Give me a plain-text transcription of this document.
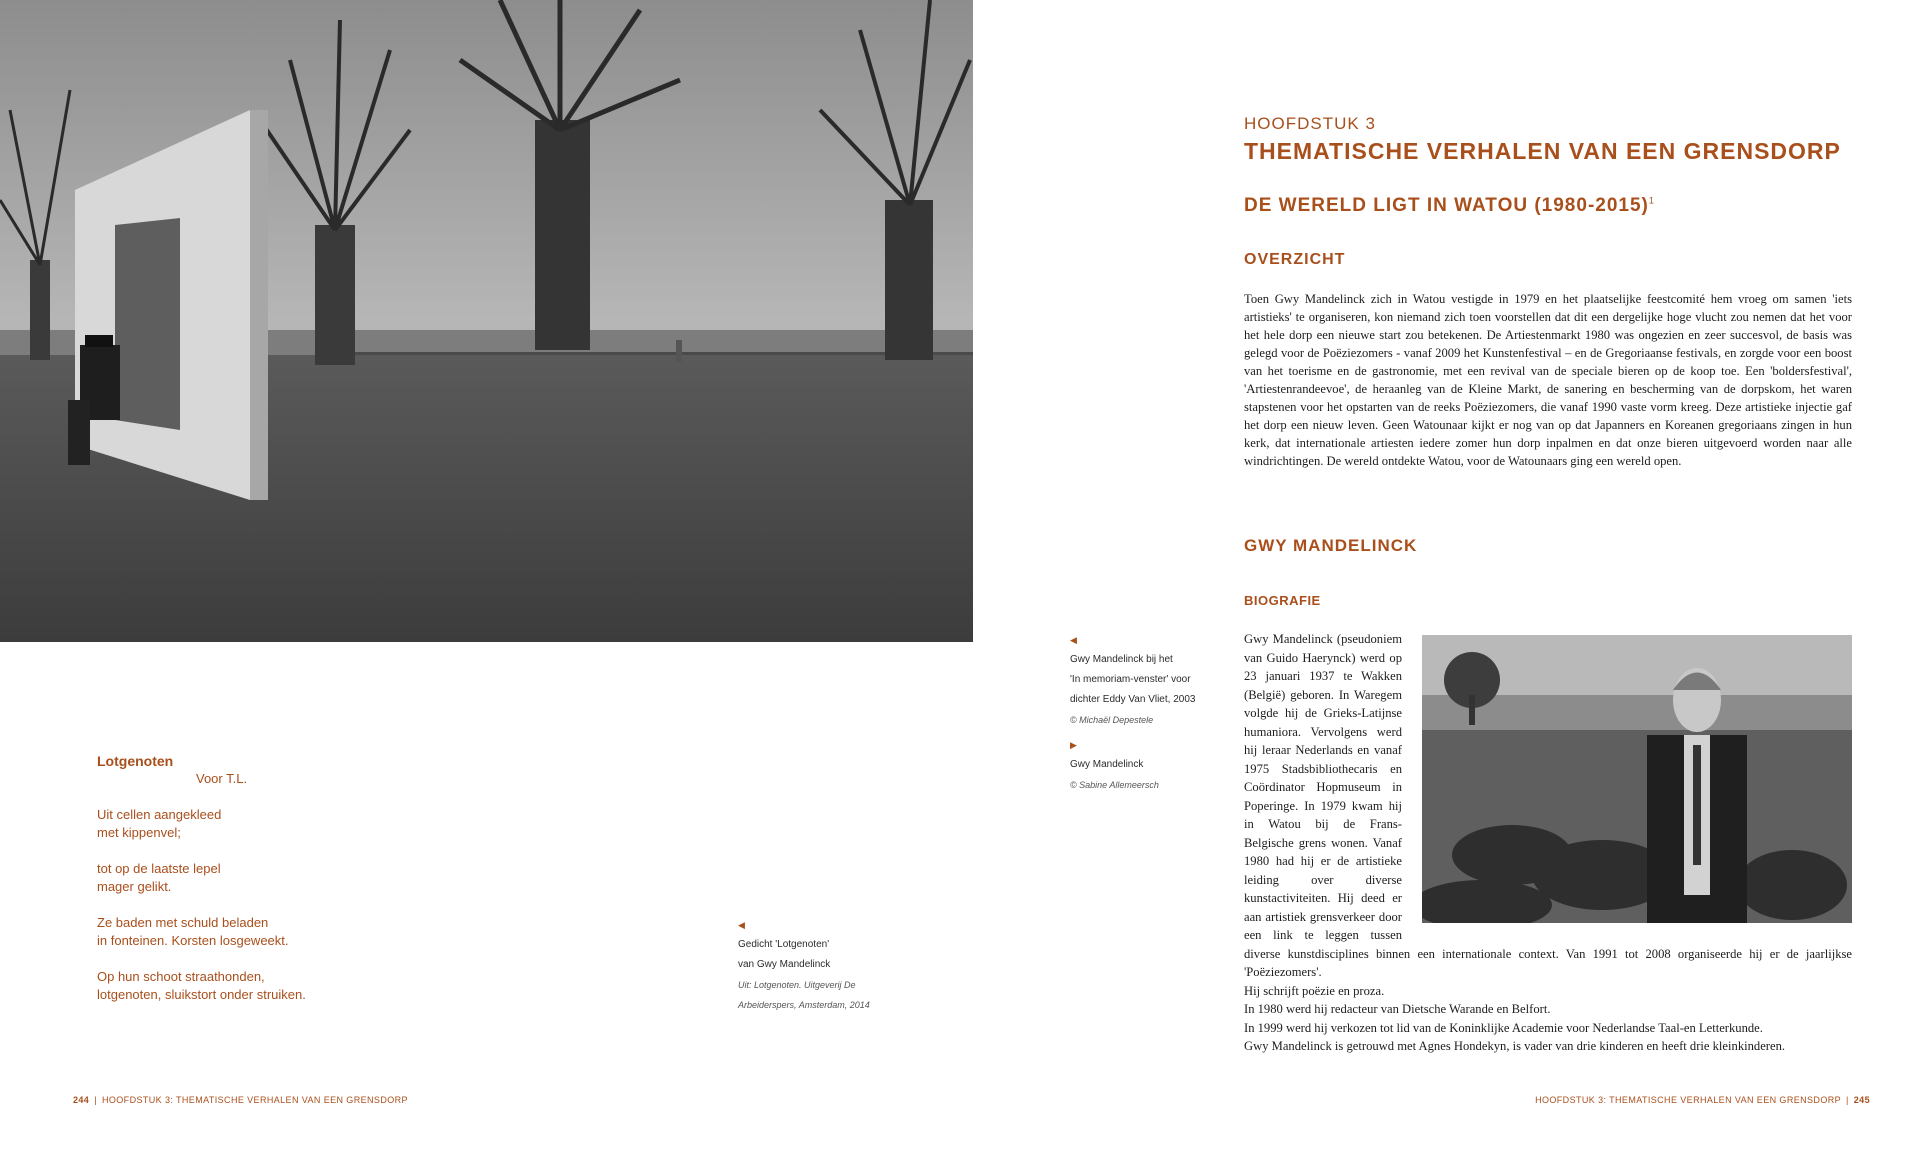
Lotgenoten
Voor T.L.
Uit cellen aangekleed
met kippenvel;
tot op de laatste lepel
mager gelikt.
Ze baden met schuld beladen
in fonteinen. Korsten losgeweekt.
Op hun schoot straathonden,
lotgenoten, sluikstort onder struiken.
◀
Gedicht 'Lotgenoten'
van Gwy Mandelinck
Uit: Lotgenoten. Uitgeverij De
Arbeiderspers, Amsterdam, 2014
244 | HOOFDSTUK 3: THEMATISCHE VERHALEN VAN EEN GRENSDORP
◀
Gwy Mandelinck bij het
'In memoriam-venster' voor
dichter Eddy Van Vliet, 2003
© Michaël Depestele
▶
Gwy Mandelinck
© Sabine Allemeersch
HOOFDSTUK 3
THEMATISCHE VERHALEN VAN EEN GRENSDORP
DE WERELD LIGT IN WATOU (1980-2015)$^1$
OVERZICHT
Toen Gwy Mandelinck zich in Watou vestigde in 1979 en het plaatselijke feestcomité hem vroeg om samen 'iets artistieks' te organiseren, kon niemand zich toen voorstellen dat dit een dergelijke hoge vlucht zou nemen dat het voor het hele dorp een nieuwe start zou betekenen. De Artiestenmarkt 1980 was ongezien en zeer succesvol, de basis was gelegd voor de Poëziezomers - vanaf 2009 het Kunstenfestival – en de Gregoriaanse festivals, en zorgde voor een boost van het toerisme en de gastronomie, met een revival van de speciale bieren op de koop toe. Een 'boldersfestival', 'Artiestenrandeevoe', de heraanleg van de Kleine Markt, de sanering en bescherming van de dorpskom, het waren stapstenen voor het opstarten van de reeks Poëziezomers, die vanaf 1990 vaste vorm kreeg. Deze artistieke injectie gaf het dorp een nieuw leven. Geen Watounaar kijkt er nog van op dat Japanners en Koreanen gregoriaans zingen in hun kerk, dat internationale artiesten iedere zomer hun dorp inpalmen en dat onze bieren uitgevoerd worden naar alle windrichtingen. De wereld ontdekte Watou, voor de Watounaars ging een wereld open.
GWY MANDELINCK
BIOGRAFIE
Gwy Mandelinck (pseudoniem van Guido Haerynck) werd op 23 januari 1937 te Wakken (België) geboren. In Waregem volgde hij de Grieks-Latijnse humaniora. Vervolgens werd hij leraar Nederlands en vanaf 1975 Stadsbibliothecaris en Coördinator Hopmuseum in Poperinge. In 1979 kwam hij in Watou bij de Frans-Belgische grens wonen. Vanaf 1980 had hij er de artistieke leiding over diverse kunstactiviteiten. Hij deed er aan artistiek grensverkeer door een link te leggen tussen diverse kunstdisciplines binnen een internationale context. Van 1991 tot 2008 organiseerde hij er de jaarlijkse 'Poëziezomers'.
Hij schrijft poëzie en proza.
In 1980 werd hij redacteur van Dietsche Warande en Belfort.
In 1999 werd hij verkozen tot lid van de Koninklijke Academie voor Nederlandse Taal-en Letterkunde.
Gwy Mandelinck is getrouwd met Agnes Hondekyn, is vader van drie kinderen en heeft drie kleinkinderen.
HOOFDSTUK 3: THEMATISCHE VERHALEN VAN EEN GRENSDORP | 245
